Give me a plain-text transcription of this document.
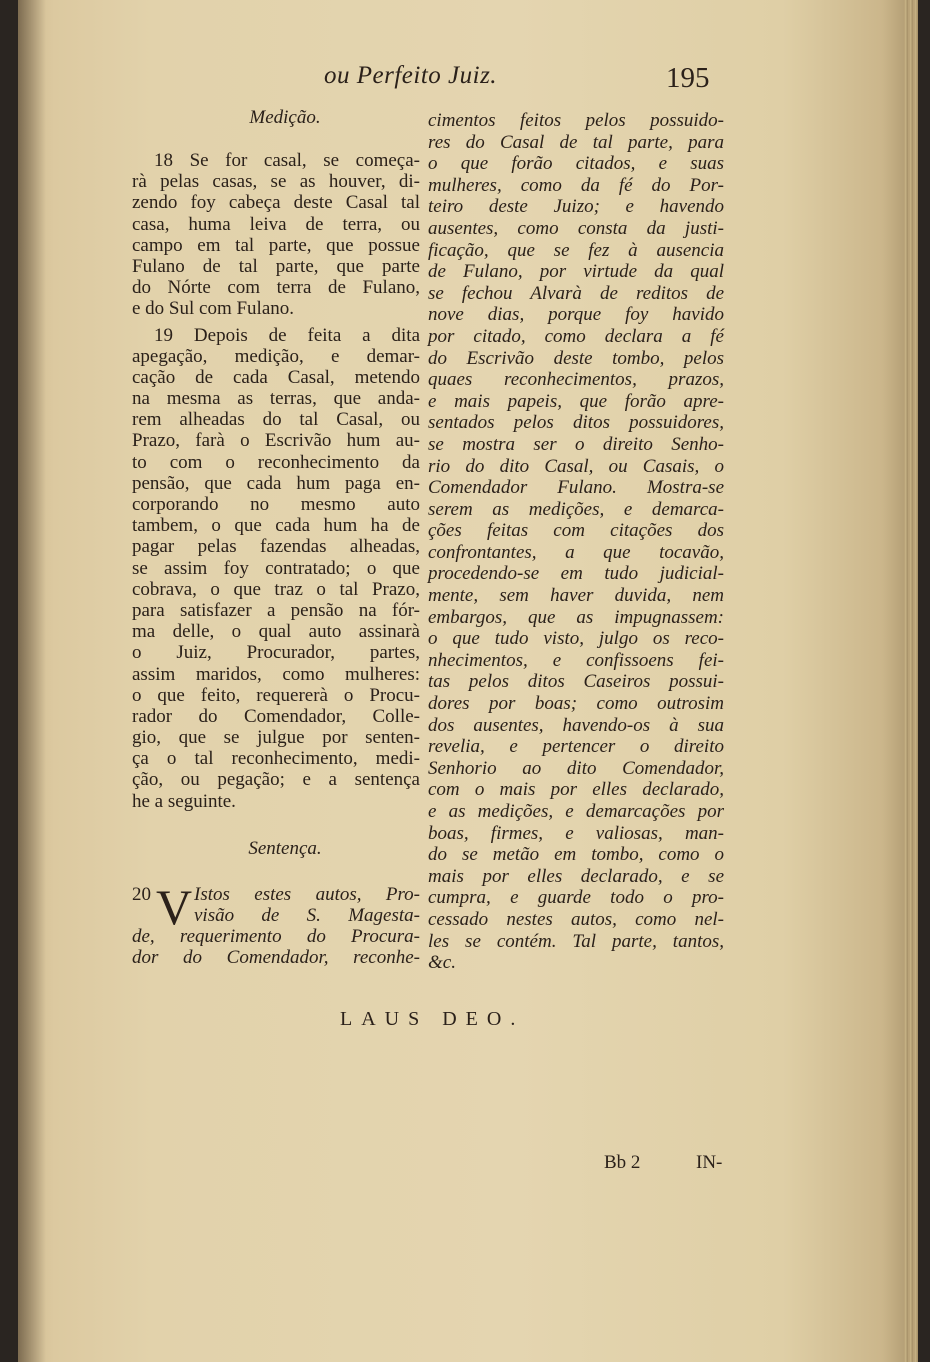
ou Perfeito Juiz.	195
Medição.
18 Se for casal, se começa-
rà pelas casas, se as houver, di-
zendo foy cabeça deste Casal tal
casa, huma leiva de terra, ou
campo em tal parte, que possue
Fulano de tal parte, que parte
do Nórte com terra de Fulano,
e do Sul com Fulano.
19 Depois de feita a dita
apegação, medição, e demar-
cação de cada Casal, metendo
na mesma as terras, que anda-
rem alheadas do tal Casal, ou
Prazo, farà o Escrivão hum au-
to com o reconhecimento da
pensão, que cada hum paga en-
corporando no mesmo auto
tambem, o que cada hum ha de
pagar pelas fazendas alheadas,
se assim foy contratado; o que
cobrava, o que traz o tal Prazo,
para satisfazer a pensão na fór-
ma delle, o qual auto assinarà
o Juiz, Procurador, partes,
assim maridos, como mulheres:
o que feito, requererà o Procu-
rador do Comendador, Colle-
gio, que se julgue por senten-
ça o tal reconhecimento, medi-
ção, ou pegação; e a sentença
he a seguinte.
Sentença.
20 V Istos estes autos, Pro-
visão de S. Magesta-
de, requerimento do Procura-
dor do Comendador, reconhe-
cimentos feitos pelos possuido-
res do Casal de tal parte, para
o que forão citados, e suas
mulheres, como da fé do Por-
teiro deste Juizo; e havendo
ausentes, como consta da justi-
ficação, que se fez à ausencia
de Fulano, por virtude da qual
se fechou Alvarà de reditos de
nove dias, porque foy havido
por citado, como declara a fé
do Escrivão deste tombo, pelos
quaes reconhecimentos, prazos,
e mais papeis, que forão apre-
sentados pelos ditos possuidores,
se mostra ser o direito Senho-
rio do dito Casal, ou Casais, o
Comendador Fulano. Mostra-se
serem as medições, e demarca-
ções feitas com citações dos
confrontantes, a que tocavão,
procedendo-se em tudo judicial-
mente, sem haver duvida, nem
embargos, que as impugnassem:
o que tudo visto, julgo os reco-
nhecimentos, e confissoens fei-
tas pelos ditos Caseiros possui-
dores por boas; como outrosim
dos ausentes, havendo-os à sua
revelia, e pertencer o direito
Senhorio ao dito Comendador,
com o mais por elles declarado,
e as medições, e demarcações por
boas, firmes, e valiosas, man-
do se metão em tombo, como o
mais por elles declarado, e se
cumpra, e guarde todo o pro-
cessado nestes autos, como nel-
les se contém. Tal parte, tantos,
&c.
LAUS DEO.
Bb 2	IN-
